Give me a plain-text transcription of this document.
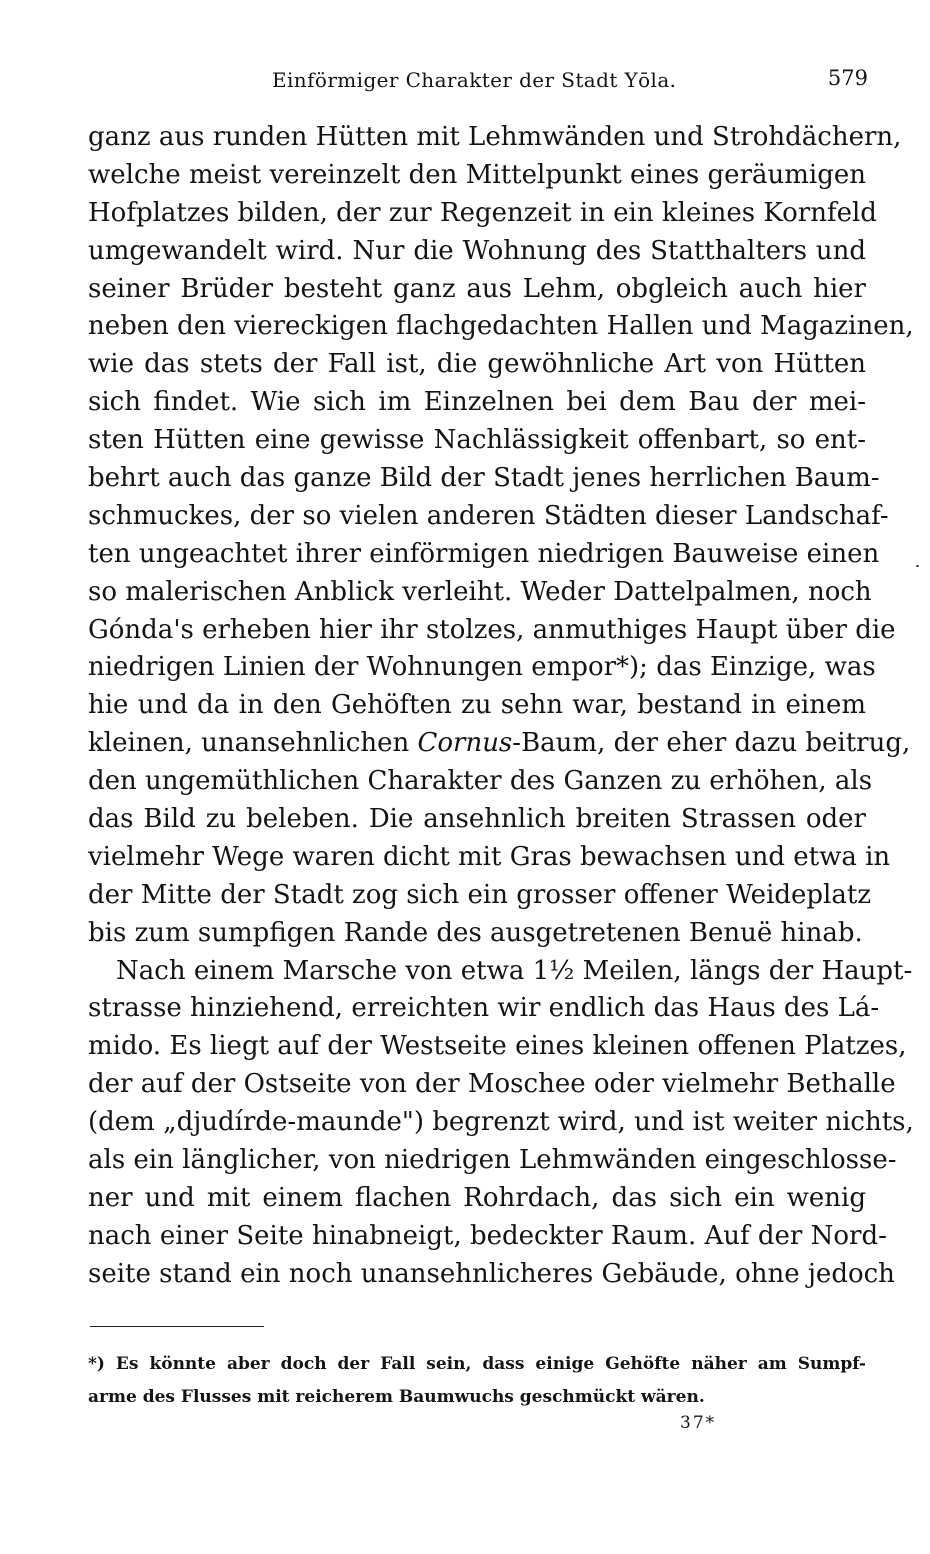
Einförmiger Charakter der Stadt Yōla.	579
ganz aus runden Hütten mit Lehmwänden und Strohdächern,
welche meist vereinzelt den Mittelpunkt eines geräumigen
Hofplatzes bilden, der zur Regenzeit in ein kleines Kornfeld
umgewandelt wird. Nur die Wohnung des Statthalters und
seiner Brüder besteht ganz aus Lehm, obgleich auch hier
neben den viereckigen flachgedachten Hallen und Magazinen,
wie das stets der Fall ist, die gewöhnliche Art von Hütten
sich findet. Wie sich im Einzelnen bei dem Bau der mei-
sten Hütten eine gewisse Nachlässigkeit offenbart, so ent-
behrt auch das ganze Bild der Stadt jenes herrlichen Baum-
schmuckes, der so vielen anderen Städten dieser Landschaf-
ten ungeachtet ihrer einförmigen niedrigen Bauweise einen
so malerischen Anblick verleiht. Weder Dattelpalmen, noch
Gónda's erheben hier ihr stolzes, anmuthiges Haupt über die
niedrigen Linien der Wohnungen empor*); das Einzige, was
hie und da in den Gehöften zu sehn war, bestand in einem
kleinen, unansehnlichen Cornus-Baum, der eher dazu beitrug,
den ungemüthlichen Charakter des Ganzen zu erhöhen, als
das Bild zu beleben. Die ansehnlich breiten Strassen oder
vielmehr Wege waren dicht mit Gras bewachsen und etwa in
der Mitte der Stadt zog sich ein grosser offener Weideplatz
bis zum sumpfigen Rande des ausgetretenen Benuë hinab.
Nach einem Marsche von etwa 1½ Meilen, längs der Haupt-
strasse hinziehend, erreichten wir endlich das Haus des Lá-
mido. Es liegt auf der Westseite eines kleinen offenen Platzes,
der auf der Ostseite von der Moschee oder vielmehr Bethalle
(dem „djudírde-maunde") begrenzt wird, und ist weiter nichts,
als ein länglicher, von niedrigen Lehmwänden eingeschlosse-
ner und mit einem flachen Rohrdach, das sich ein wenig
nach einer Seite hinabneigt, bedeckter Raum. Auf der Nord-
seite stand ein noch unansehnlicheres Gebäude, ohne jedoch
*) Es könnte aber doch der Fall sein, dass einige Gehöfte näher am Sumpf-
arme des Flusses mit reicherem Baumwuchs geschmückt wären.
37*
